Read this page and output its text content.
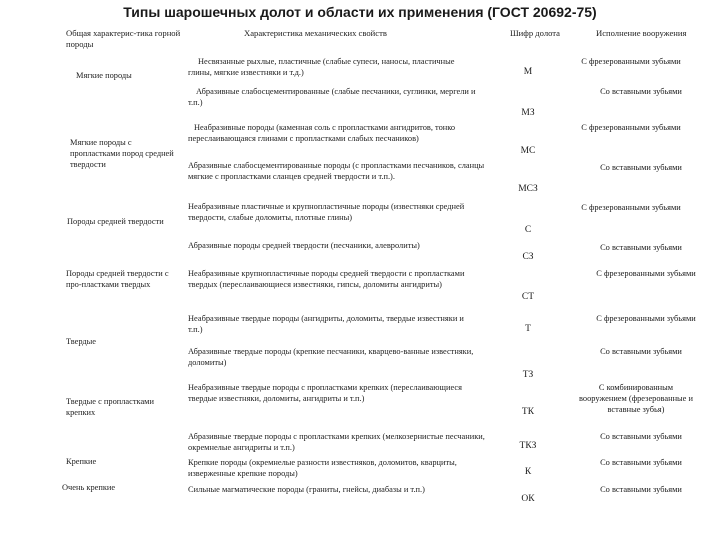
Типы шарошечных долот и области их применения (ГОСТ 20692-75)
Общая характерис-тика горной породы
Характеристика механических свойств	Шифр долота	Исполнение вооружения
Мягкие породы
Мягкие породы с пропластками пород средней твердости
Породы средней твердости
Породы средней твердости с про-пластками твердых
Твердые
Твердые с пропластками крепких
Крепкие
Очень крепкие
Несвязанные рыхлые, пластичные (слабые супеси, наносы, пластичные глины, мягкие известняки и т.д.)
Абразивные слабосцементированные (слабые песчаники, суглинки, мергели и т.п.)
Неабразивные породы (каменная соль с пропластками ангидритов, тонко переслаивающаяся глинами с пропластками слабых песчаников)
Абразивные слабосцементированные породы (с пропластками песчаников, сланцы мягкие с пропластками сланцев средней твердости и т.п.).
Неабразивные пластичные и крупнопластичные породы (известняки средней твердости, слабые доломиты, плотные глины)
Абразивные породы средней твердости (песчаники, алевролиты)
Неабразивные крупнопластичные породы средней твердости с пропластками твердых (переслаивающиеся известняки, гипсы, доломиты ангидриты)
Неабразивные твердые породы (ангидриты, доломиты, твердые известняки и т.п.)
Абразивные твердые породы (крепкие песчаники, кварцево-ванные известняки, доломиты)
Неабразивные твердые породы с пропластками крепких (переслаивающиеся твердые известняки, доломиты, ангидриты и т.п.)
Абразивные твердые породы с пропластками крепких (мелкозернистые песчаники, окремнелые ангидриты и т.п.)
Крепкие породы (окремнелые разности известняков, доломитов, кварциты, изверженные крепкие породы)
Сильные магматические породы (граниты, гнейсы, диабазы и т.п.)
М
МЗ
МС
МСЗ
С
СЗ
СТ
Т
ТЗ
ТК
ТКЗ
К
ОК
С фрезерованными зубьями
Со вставными зубьями
С фрезерованными зубьями
Со вставными зубьями
С фрезерованными зубьями
Со вставными зубьями
С фрезерованными зубьями
С фрезерованными зубьями
Со вставными зубьями
С комбинированным вооружением (фрезерованные и вставные зубья)
Со вставными зубьями
Со вставными зубьями
Со вставными зубьями
